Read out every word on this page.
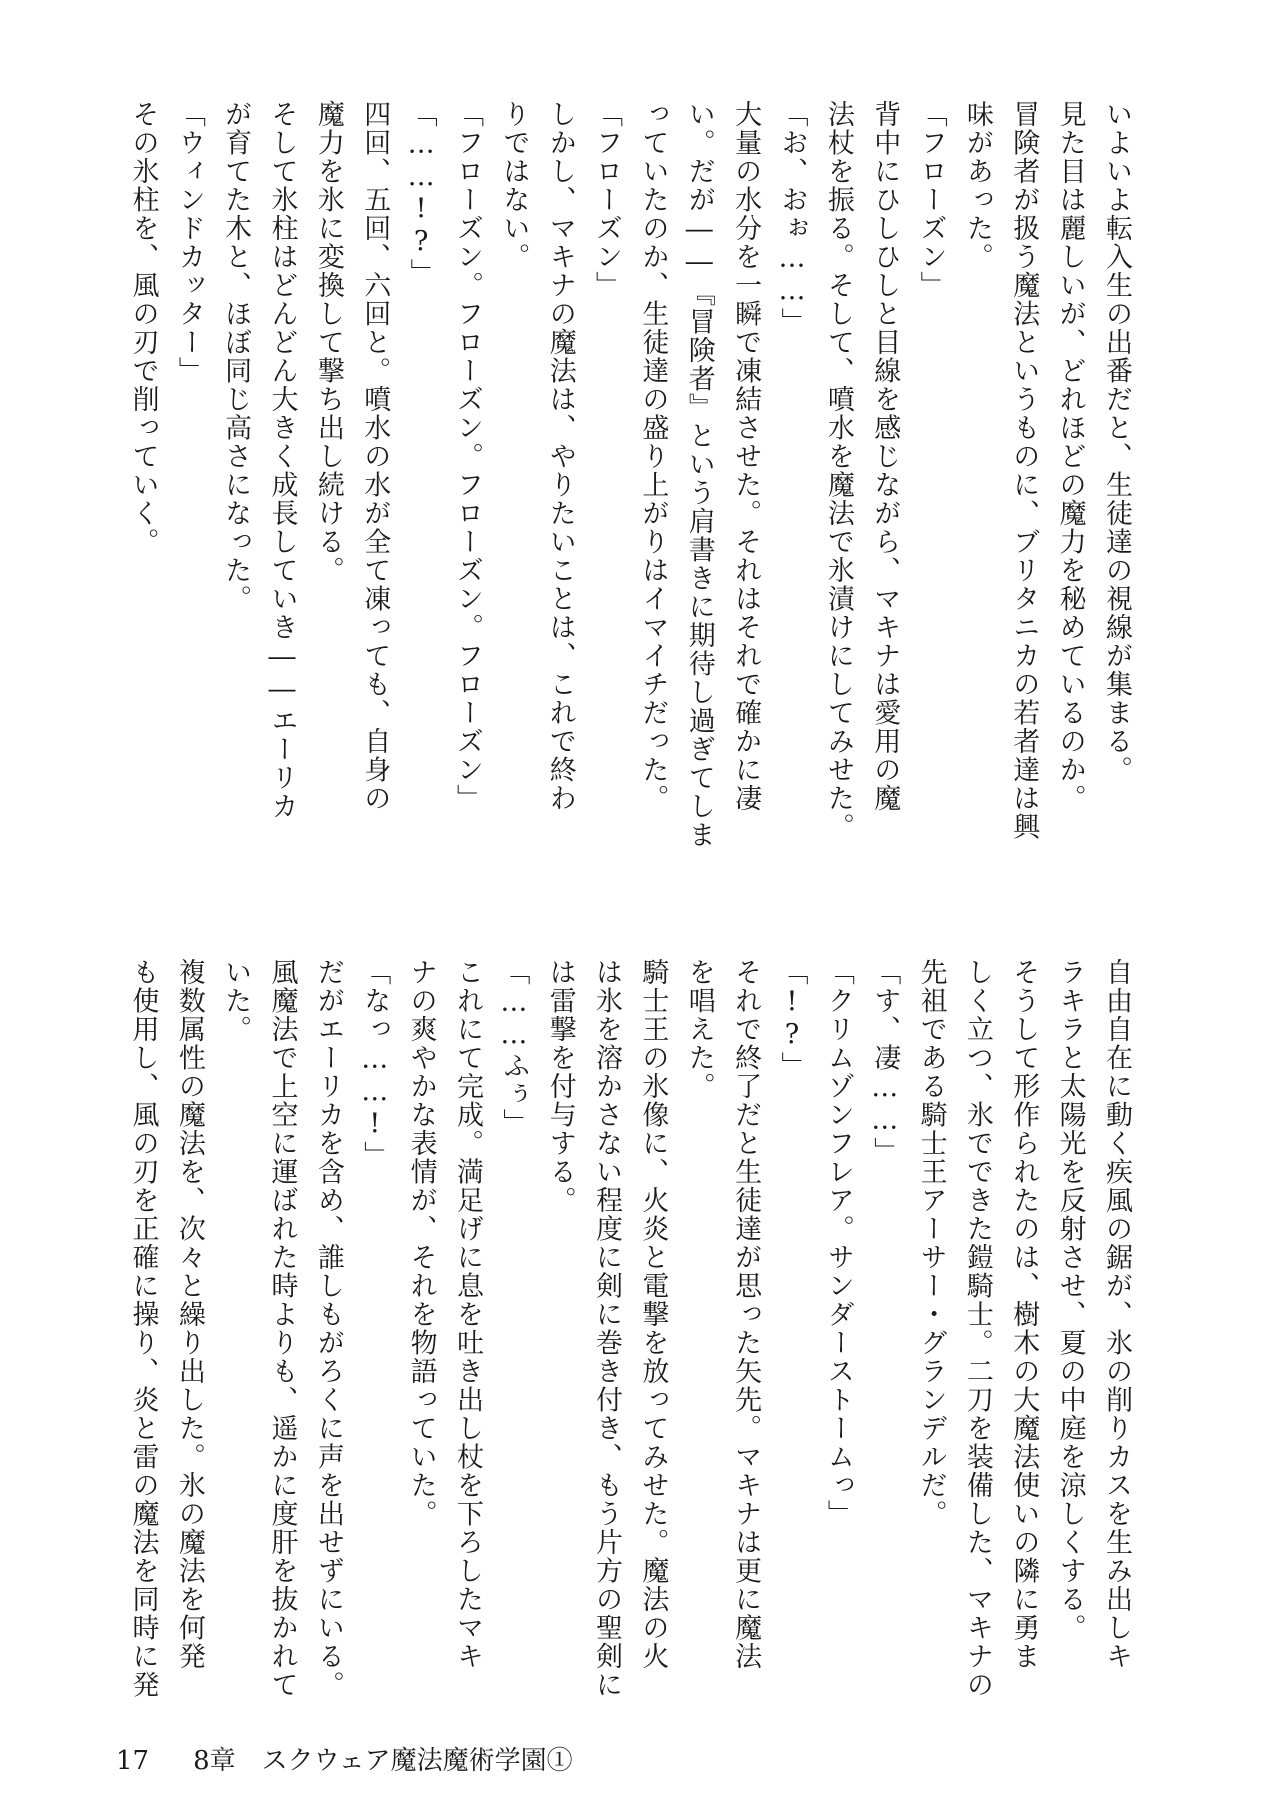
いよいよ転入生の出番だと、生徒達の視線が集まる。
見た目は麗しいが、どれほどの魔力を秘めているのか。
冒険者が扱う魔法というものに、ブリタニカの若者達は興
味があった。
「フローズン」
背中にひしひしと目線を感じながら、マキナは愛用の魔
法杖を振る。そして、噴水を魔法で氷漬けにしてみせた。
「お、おぉ……」
大量の水分を一瞬で凍結させた。それはそれで確かに凄
い。だが――『冒険者』という肩書きに期待し過ぎてしま
っていたのか、生徒達の盛り上がりはイマイチだった。
「フローズン」
しかし、マキナの魔法は、やりたいことは、これで終わ
りではない。
「フローズン。フローズン。フローズン。フローズン」
「……!?」
四回、五回、六回と。噴水の水が全て凍っても、自身の
魔力を氷に変換して撃ち出し続ける。
そして氷柱はどんどん大きく成長していき――エーリカ
が育てた木と、ほぼ同じ高さになった。
「ウィンドカッター」
その氷柱を、風の刃で削っていく。
自由自在に動く疾風の鋸が、氷の削りカスを生み出しキ
ラキラと太陽光を反射させ、夏の中庭を涼しくする。
そうして形作られたのは、樹木の大魔法使いの隣に勇ま
しく立つ、氷でできた鎧騎士。二刀を装備した、マキナの
先祖である騎士王アーサー・グランデルだ。
「す、凄……」
「クリムゾンフレア。サンダーストームっ」
「!?」
それで終了だと生徒達が思った矢先。マキナは更に魔法
を唱えた。
騎士王の氷像に、火炎と電撃を放ってみせた。魔法の火
は氷を溶かさない程度に剣に巻き付き、もう片方の聖剣に
は雷撃を付与する。
「……ふぅ」
これにて完成。満足げに息を吐き出し杖を下ろしたマキ
ナの爽やかな表情が、それを物語っていた。
「なっ……!」
だがエーリカを含め、誰しもがろくに声を出せずにいる。
風魔法で上空に運ばれた時よりも、遥かに度肝を抜かれて
いた。
複数属性の魔法を、次々と繰り出した。氷の魔法を何発
も使用し、風の刃を正確に操り、炎と雷の魔法を同時に発
17 8章　スクウェア魔法魔術学園①
